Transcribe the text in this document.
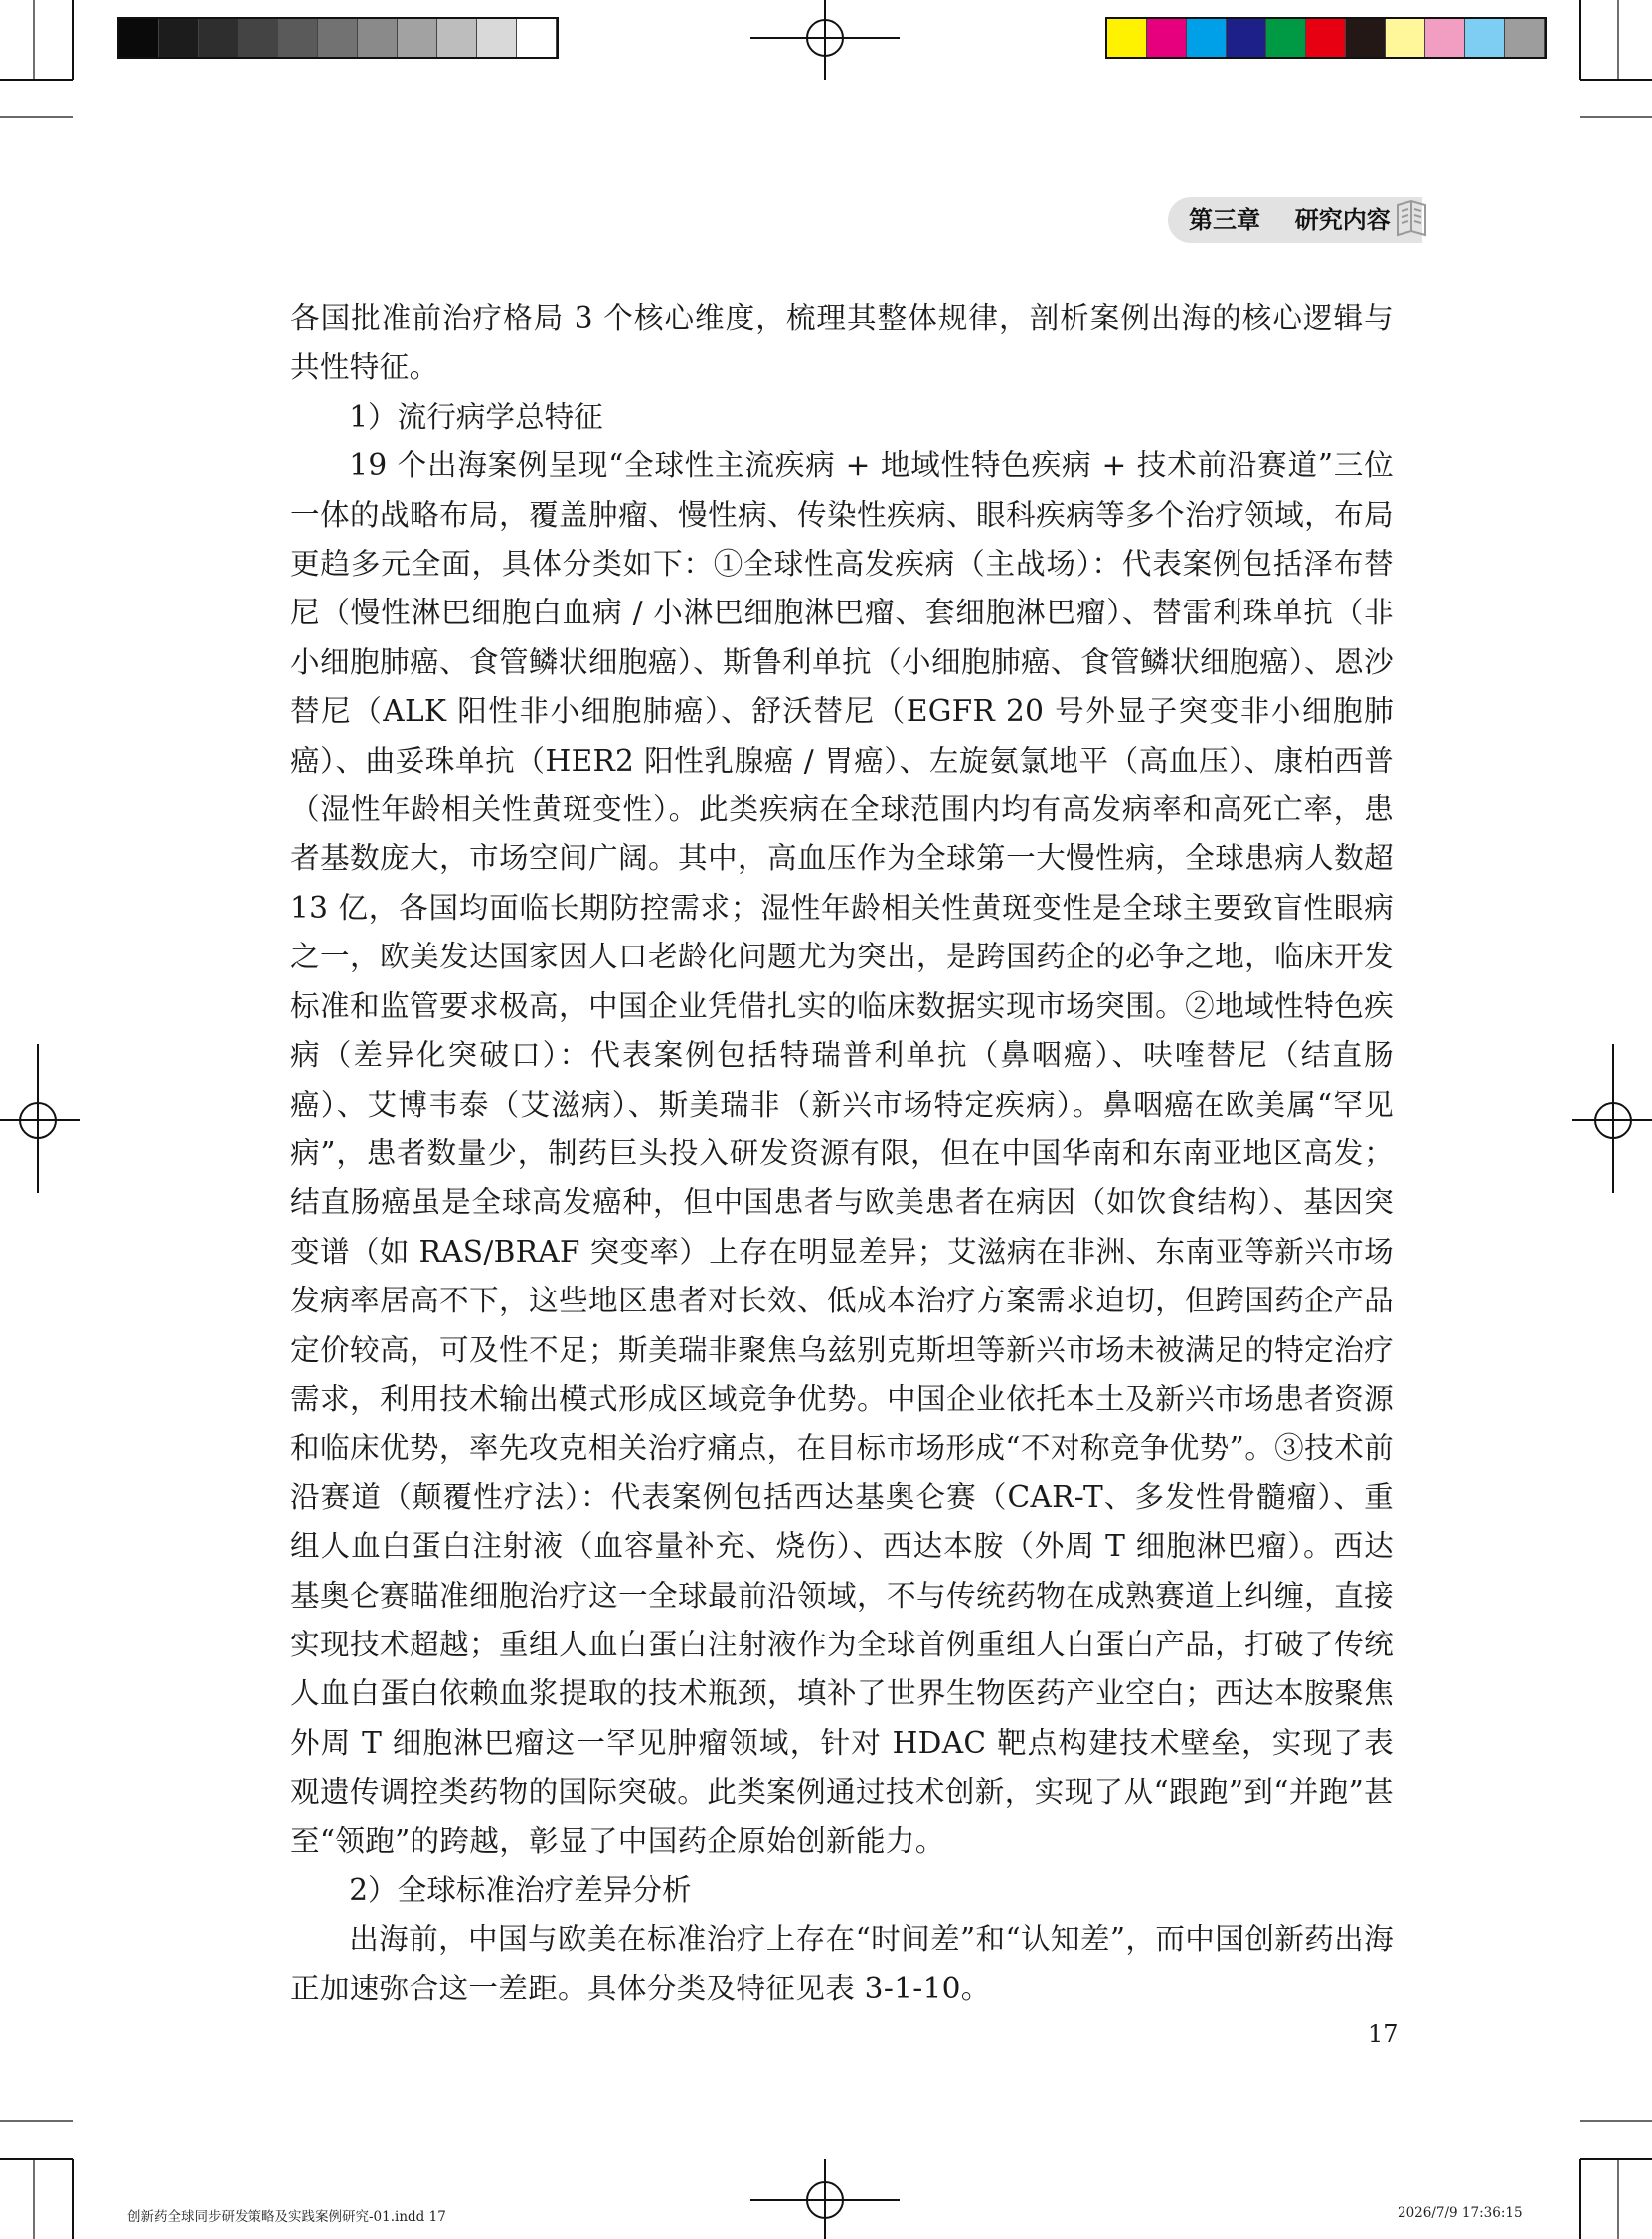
第三章 研究内容

各国批准前治疗格局 3 个核心维度，梳理其整体规律，剖析案例出海的核心逻辑与共性特征。

1）流行病学总特征

19 个出海案例呈现“全球性主流疾病 + 地域性特色疾病 + 技术前沿赛道”三位一体的战略布局，覆盖肿瘤、慢性病、传染性疾病、眼科疾病等多个治疗领域，布局更趋多元全面，具体分类如下：①全球性高发疾病（主战场）：代表案例包括泽布替尼（慢性淋巴细胞白血病 / 小淋巴细胞淋巴瘤、套细胞淋巴瘤）、替雷利珠单抗（非小细胞肺癌、食管鳞状细胞癌）、斯鲁利单抗（小细胞肺癌、食管鳞状细胞癌）、恩沙替尼（ALK 阳性非小细胞肺癌）、舒沃替尼（EGFR 20 号外显子突变非小细胞肺癌）、曲妥珠单抗（HER2 阳性乳腺癌 / 胃癌）、左旋氨氯地平（高血压）、康柏西普（湿性年龄相关性黄斑变性）。此类疾病在全球范围内均有高发病率和高死亡率，患者基数庞大，市场空间广阔。其中，高血压作为全球第一大慢性病，全球患病人数超 13 亿，各国均面临长期防控需求；湿性年龄相关性黄斑变性是全球主要致盲性眼病之一，欧美发达国家因人口老龄化问题尤为突出，是跨国药企的必争之地，临床开发标准和监管要求极高，中国企业凭借扎实的临床数据实现市场突围。②地域性特色疾病（差异化突破口）：代表案例包括特瑞普利单抗（鼻咽癌）、呋喹替尼（结直肠癌）、艾博韦泰（艾滋病）、斯美瑞非（新兴市场特定疾病）。鼻咽癌在欧美属“罕见病”，患者数量少，制药巨头投入研发资源有限，但在中国华南和东南亚地区高发；结直肠癌虽是全球高发癌种，但中国患者与欧美患者在病因（如饮食结构）、基因突变谱（如 RAS/BRAF 突变率）上存在明显差异；艾滋病在非洲、东南亚等新兴市场发病率居高不下，这些地区患者对长效、低成本治疗方案需求迫切，但跨国药企产品定价较高，可及性不足；斯美瑞非聚焦乌兹别克斯坦等新兴市场未被满足的特定治疗需求，利用技术输出模式形成区域竞争优势。中国企业依托本土及新兴市场患者资源和临床优势，率先攻克相关治疗痛点，在目标市场形成“不对称竞争优势”。③技术前沿赛道（颠覆性疗法）：代表案例包括西达基奥仑赛（CAR-T、多发性骨髓瘤）、重组人血白蛋白注射液（血容量补充、烧伤）、西达本胺（外周 T 细胞淋巴瘤）。西达基奥仑赛瞄准细胞治疗这一全球最前沿领域，不与传统药物在成熟赛道上纠缠，直接实现技术超越；重组人血白蛋白注射液作为全球首例重组人白蛋白产品，打破了传统人血白蛋白依赖血浆提取的技术瓶颈，填补了世界生物医药产业空白；西达本胺聚焦外周 T 细胞淋巴瘤这一罕见肿瘤领域，针对 HDAC 靶点构建技术壁垒，实现了表观遗传调控类药物的国际突破。此类案例通过技术创新，实现了从“跟跑”到“并跑”甚至“领跑”的跨越，彰显了中国药企原始创新能力。

2）全球标准治疗差异分析

出海前，中国与欧美在标准治疗上存在“时间差”和“认知差”，而中国创新药出海正加速弥合这一差距。具体分类及特征见表 3-1-10。

17
创新药全球同步研发策略及实践案例研究-01.indd 17	2026/7/9 17:36:15
